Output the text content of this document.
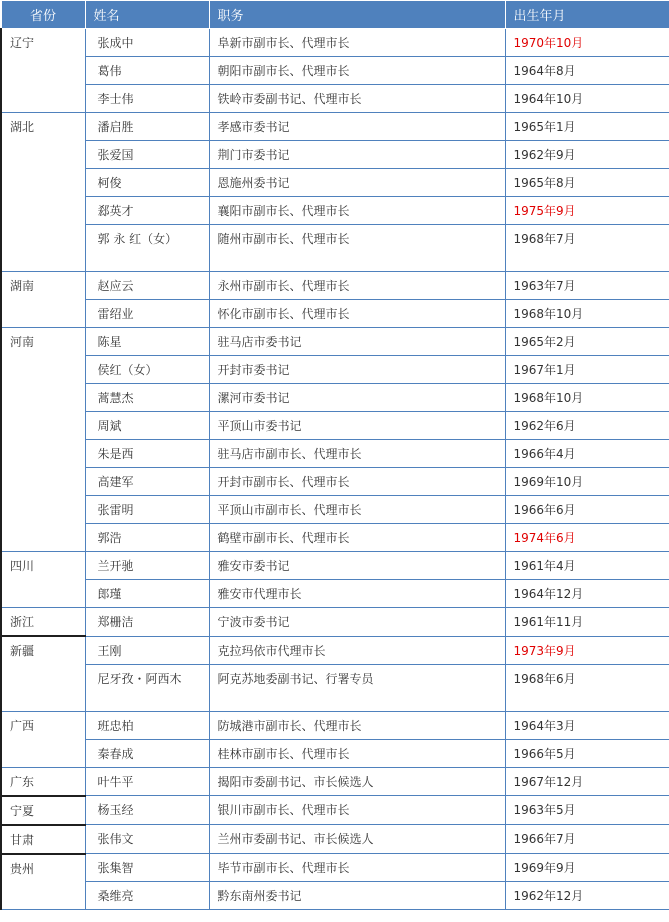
省份	姓名	职务	出生年月
辽宁	张成中	阜新市副市长、代理市长	1970年10月
	葛伟	朝阳市副市长、代理市长	1964年8月
	李士伟	铁岭市委副书记、代理市长	1964年10月
湖北	潘启胜	孝感市委书记	1965年1月
	张爱国	荆门市委书记	1962年9月
	柯俊	恩施州委书记	1965年8月
	郄英才	襄阳市副市长、代理市长	1975年9月
	郭 永 红（女）	随州市副市长、代理市长	1968年7月
湖南	赵应云	永州市副市长、代理市长	1963年7月
	雷绍业	怀化市副市长、代理市长	1968年10月
河南	陈星	驻马店市委书记	1965年2月
	侯红（女）	开封市委书记	1967年1月
	蒿慧杰	漯河市委书记	1968年10月
	周斌	平顶山市委书记	1962年6月
	朱是西	驻马店市副市长、代理市长	1966年4月
	高建军	开封市副市长、代理市长	1969年10月
	张雷明	平顶山市副市长、代理市长	1966年6月
	郭浩	鹤壁市副市长、代理市长	1974年6月
四川	兰开驰	雅安市委书记	1961年4月
	郎瑾	雅安市代理市长	1964年12月
浙江	郑栅洁	宁波市委书记	1961年11月
新疆	王刚	克拉玛依市代理市长	1973年9月
	尼牙孜・阿西木	阿克苏地委副书记、行署专员	1968年6月
广西	班忠柏	防城港市副市长、代理市长	1964年3月
	秦春成	桂林市副市长、代理市长	1966年5月
广东	叶牛平	揭阳市委副书记、市长候选人	1967年12月
宁夏	杨玉经	银川市副市长、代理市长	1963年5月
甘肃	张伟文	兰州市委副书记、市长候选人	1966年7月
贵州	张集智	毕节市副市长、代理市长	1969年9月
	桑维亮	黔东南州委书记	1962年12月
